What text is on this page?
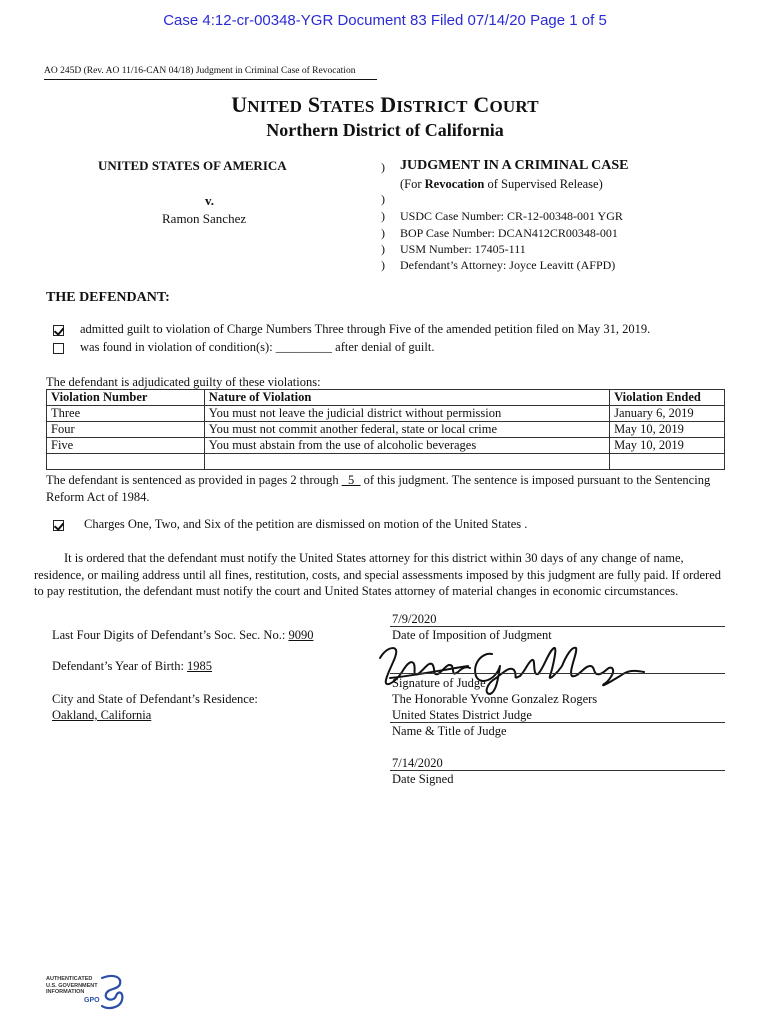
Case 4:12-cr-00348-YGR Document 83 Filed 07/14/20 Page 1 of 5
AO 245D (Rev. AO 11/16-CAN 04/18) Judgment in Criminal Case of Revocation
UNITED STATES DISTRICT COURT
Northern District of California
UNITED STATES OF AMERICA
v.
Ramon Sanchez
)
)
)
)
)
)
JUDGMENT IN A CRIMINAL CASE
(For Revocation of Supervised Release)
USDC Case Number: CR-12-00348-001 YGR
BOP Case Number: DCAN412CR00348-001
USM Number: 17405-111
Defendant’s Attorney: Joyce Leavitt (AFPD)
THE DEFENDANT:
admitted guilt to violation of Charge Numbers Three through Five of the amended petition filed on May 31, 2019.
was found in violation of condition(s): _________ after denial of guilt.
The defendant is adjudicated guilty of these violations:
Violation Number	Nature of Violation	Violation Ended
Three	You must not leave the judicial district without permission	January 6, 2019
Four	You must not commit another federal, state or local crime	May 10, 2019
Five	You must abstain from the use of alcoholic beverages	May 10, 2019

The defendant is sentenced as provided in pages 2 through _5_ of this judgment. The sentence is imposed pursuant to the Sentencing
Reform Act of 1984.
Charges One, Two, and Six of the petition are dismissed on motion of the United States .
It is ordered that the defendant must notify the United States attorney for this district within 30 days of any change of name,
residence, or mailing address until all fines, restitution, costs, and special assessments imposed by this judgment are fully paid. If ordered
to pay restitution, the defendant must notify the court and United States attorney of material changes in economic circumstances.
Last Four Digits of Defendant’s Soc. Sec. No.: 9090
Defendant’s Year of Birth: 1985
City and State of Defendant’s Residence:
Oakland, California
7/9/2020
Date of Imposition of Judgment
Signature of Judge
The Honorable Yvonne Gonzalez Rogers
United States District Judge
Name & Title of Judge
7/14/2020
Date Signed
AUTHENTICATED
U.S. GOVERNMENT
INFORMATION
GPO
